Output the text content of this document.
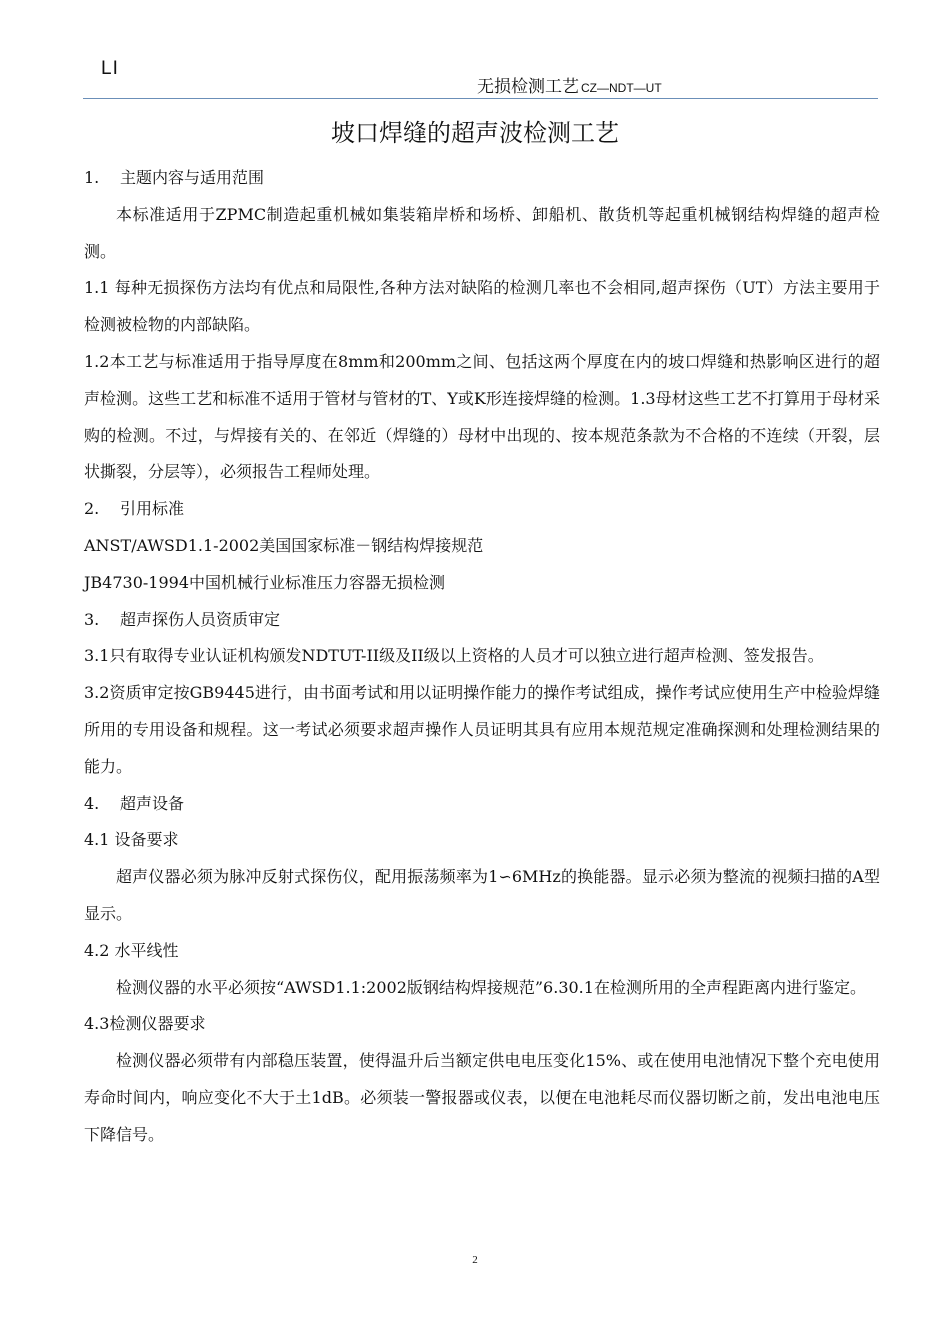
LI
无损检测工艺 CZ—NDT—UT
坡口焊缝的超声波检测工艺

1. 主题内容与适用范围

本标准适用于ZPMC制造起重机械如集装箱岸桥和场桥、卸船机、散货机等起重机械钢结构焊缝的超声检测。

1.1 每种无损探伤方法均有优点和局限性,各种方法对缺陷的检测几率也不会相同,超声探伤（UT）方法主要用于检测被检物的内部缺陷。

1.2本工艺与标准适用于指导厚度在8mm和200mm之间、包括这两个厚度在内的坡口焊缝和热影响区进行的超声检测。这些工艺和标准不适用于管材与管材的T、Y或K形连接焊缝的检测。1.3母材这些工艺不打算用于母材采购的检测。不过，与焊接有关的、在邻近（焊缝的）母材中出现的、按本规范条款为不合格的不连续（开裂，层状撕裂，分层等），必须报告工程师处理。

2. 引用标准

ANST/AWSD1.1-2002美国国家标准－钢结构焊接规范

JB4730-1994中国机械行业标准压力容器无损检测

3. 超声探伤人员资质审定

3.1只有取得专业认证机构颁发NDTUT-II级及II级以上资格的人员才可以独立进行超声检测、签发报告。

3.2资质审定按GB9445进行，由书面考试和用以证明操作能力的操作考试组成，操作考试应使用生产中检验焊缝所用的专用设备和规程。这一考试必须要求超声操作人员证明其具有应用本规范规定准确探测和处理检测结果的能力。

4. 超声设备

4.1 设备要求

超声仪器必须为脉冲反射式探伤仪，配用振荡频率为1∽6MHz的换能器。显示必须为整流的视频扫描的A型显示。

4.2 水平线性

检测仪器的水平必须按“AWSD1.1:2002版钢结构焊接规范”6.30.1在检测所用的全声程距离内进行鉴定。

4.3检测仪器要求

检测仪器必须带有内部稳压装置，使得温升后当额定供电电压变化15%、或在使用电池情况下整个充电使用寿命时间内，响应变化不大于土1dB。必须装一警报器或仪表，以便在电池耗尽而仪器切断之前，发出电池电压下降信号。

2
